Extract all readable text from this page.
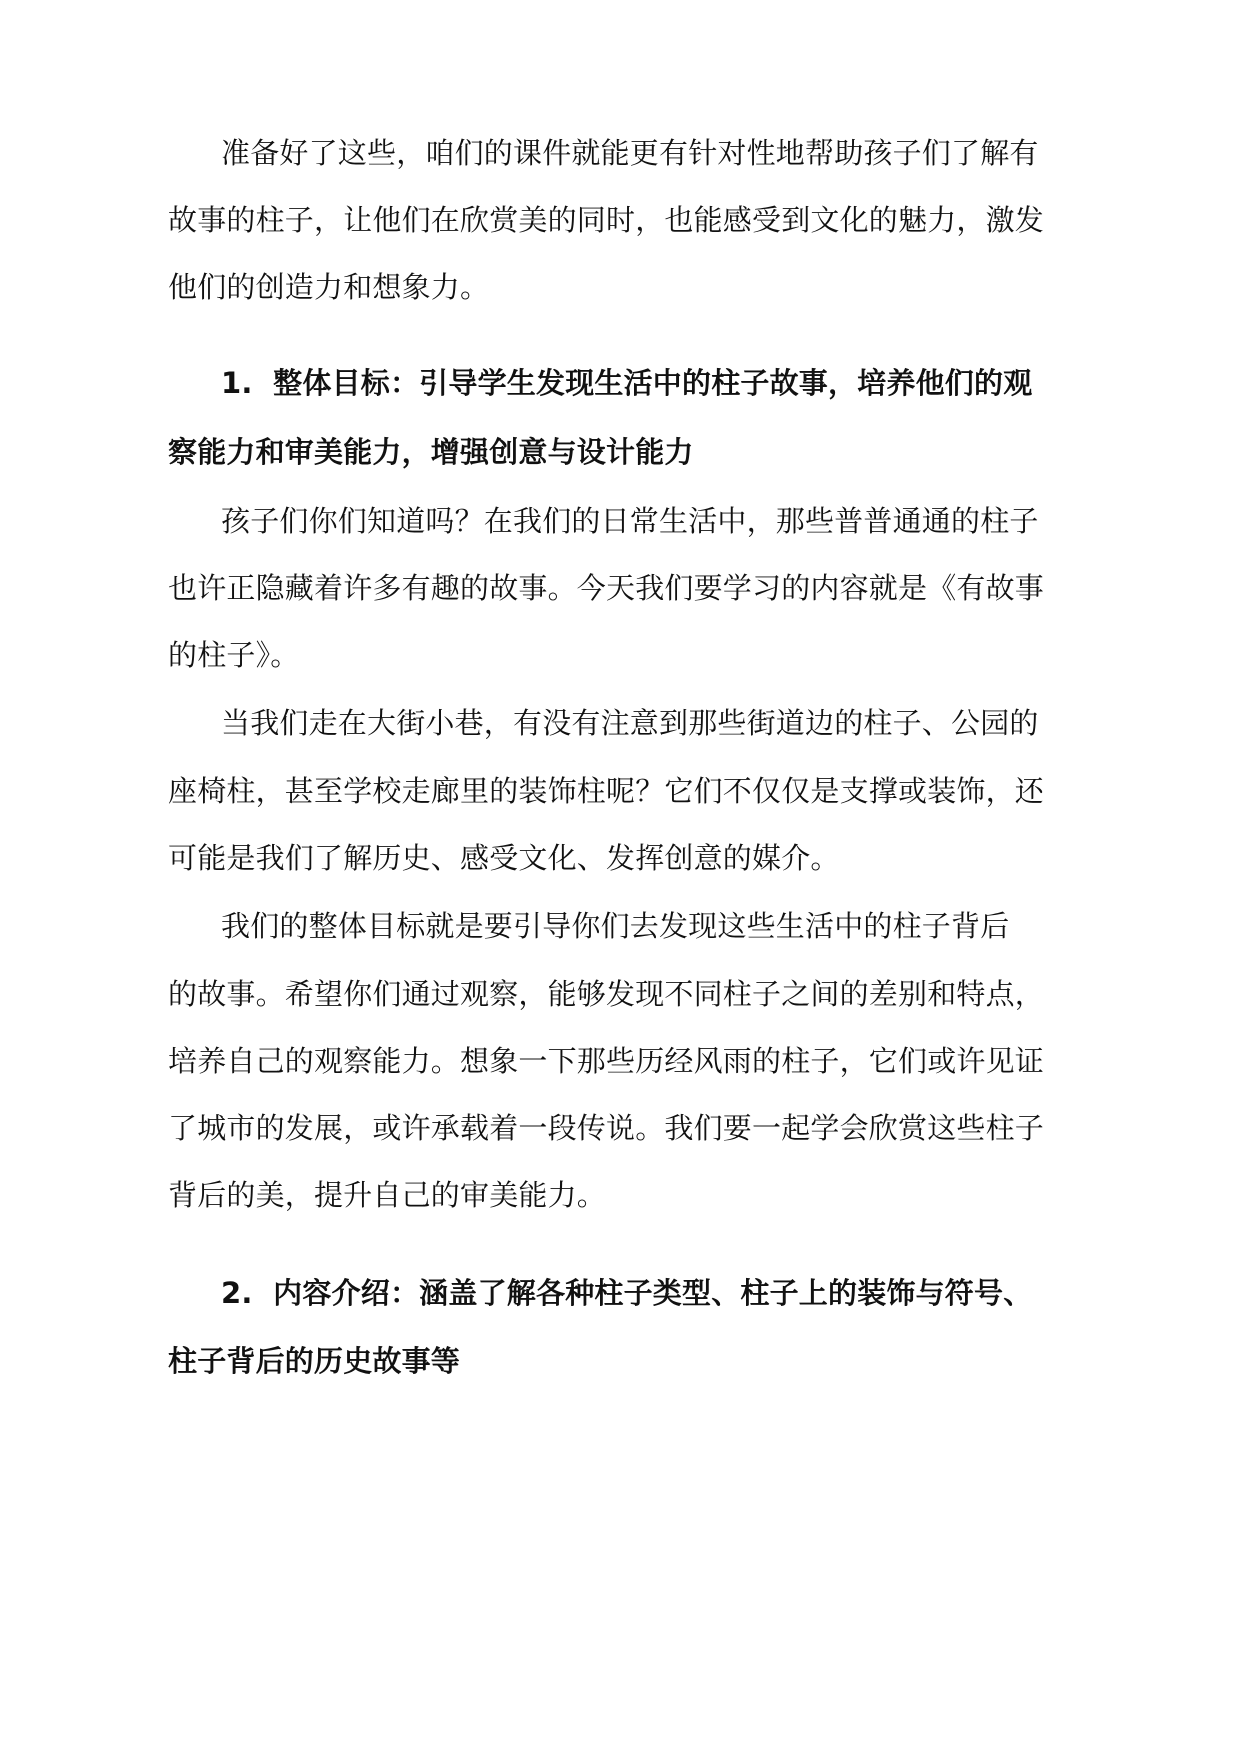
准备好了这些，咱们的课件就能更有针对性地帮助孩子们了解有

故事的柱子，让他们在欣赏美的同时，也能感受到文化的魅力，激发

他们的创造力和想象力。

1.  整体目标：引导学生发现生活中的柱子故事，培养他们的观

察能力和审美能力，增强创意与设计能力

孩子们你们知道吗？在我们的日常生活中，那些普普通通的柱子

也许正隐藏着许多有趣的故事。今天我们要学习的内容就是《有故事

的柱子》。

当我们走在大街小巷，有没有注意到那些街道边的柱子、公园的

座椅柱，甚至学校走廊里的装饰柱呢？它们不仅仅是支撑或装饰，还

可能是我们了解历史、感受文化、发挥创意的媒介。

我们的整体目标就是要引导你们去发现这些生活中的柱子背后

的故事。希望你们通过观察，能够发现不同柱子之间的差别和特点，

培养自己的观察能力。想象一下那些历经风雨的柱子，它们或许见证

了城市的发展，或许承载着一段传说。我们要一起学会欣赏这些柱子

背后的美，提升自己的审美能力。

2.  内容介绍：涵盖了解各种柱子类型、柱子上的装饰与符号、

柱子背后的历史故事等
